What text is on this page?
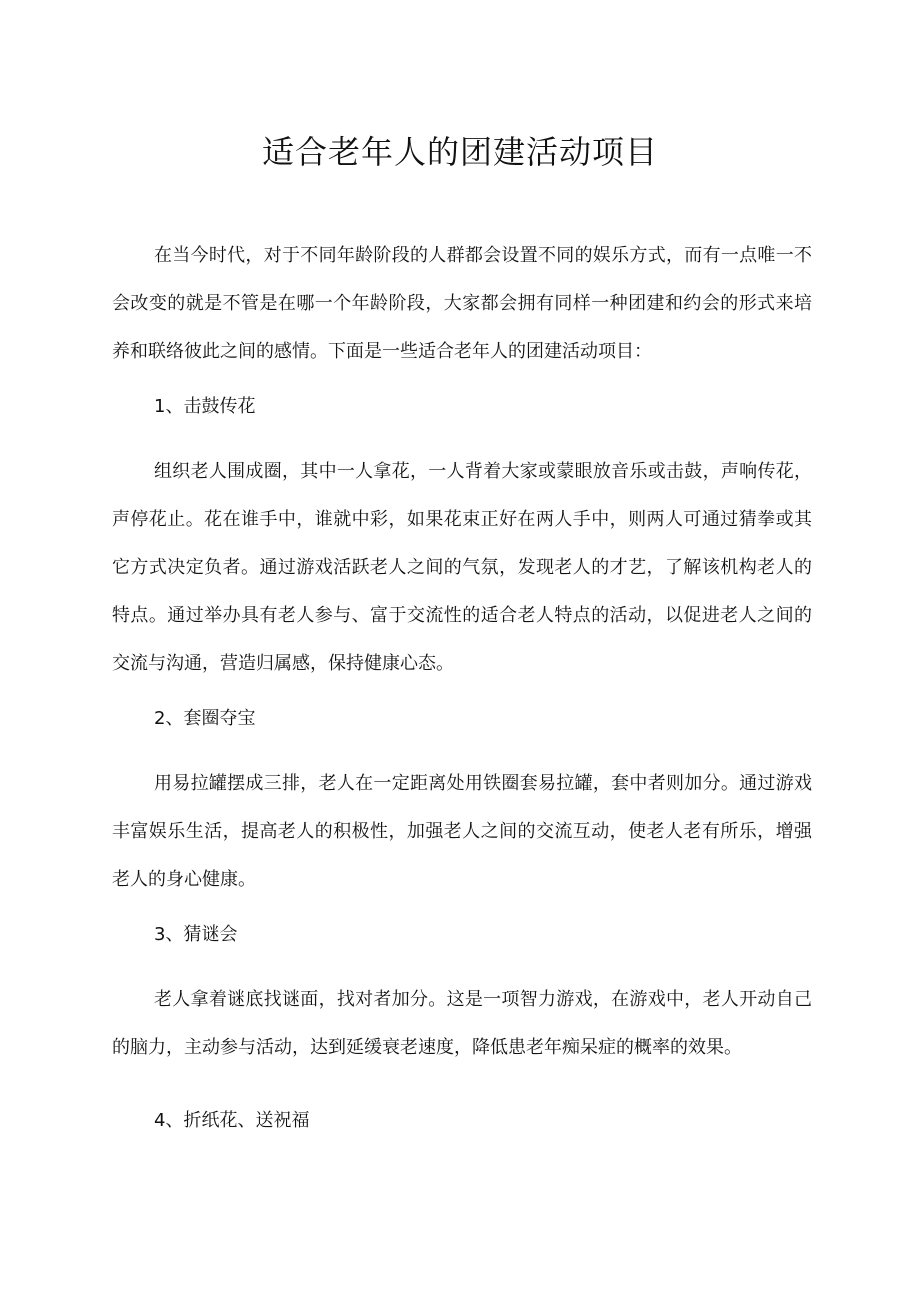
适合老年人的团建活动项目

在当今时代，对于不同年龄阶段的人群都会设置不同的娱乐方式，而有一点唯一不会改变的就是不管是在哪一个年龄阶段，大家都会拥有同样一种团建和约会的形式来培养和联络彼此之间的感情。下面是一些适合老年人的团建活动项目：

1、击鼓传花

组织老人围成圈，其中一人拿花，一人背着大家或蒙眼放音乐或击鼓，声响传花，声停花止。花在谁手中，谁就中彩，如果花束正好在两人手中，则两人可通过猜拳或其它方式决定负者。通过游戏活跃老人之间的气氛，发现老人的才艺，了解该机构老人的特点。通过举办具有老人参与、富于交流性的适合老人特点的活动，以促进老人之间的交流与沟通，营造归属感，保持健康心态。

2、套圈夺宝

用易拉罐摆成三排，老人在一定距离处用铁圈套易拉罐，套中者则加分。通过游戏丰富娱乐生活，提高老人的积极性，加强老人之间的交流互动，使老人老有所乐，增强老人的身心健康。

3、猜谜会

老人拿着谜底找谜面，找对者加分。这是一项智力游戏，在游戏中，老人开动自己的脑力，主动参与活动，达到延缓衰老速度，降低患老年痴呆症的概率的效果。

4、折纸花、送祝福
